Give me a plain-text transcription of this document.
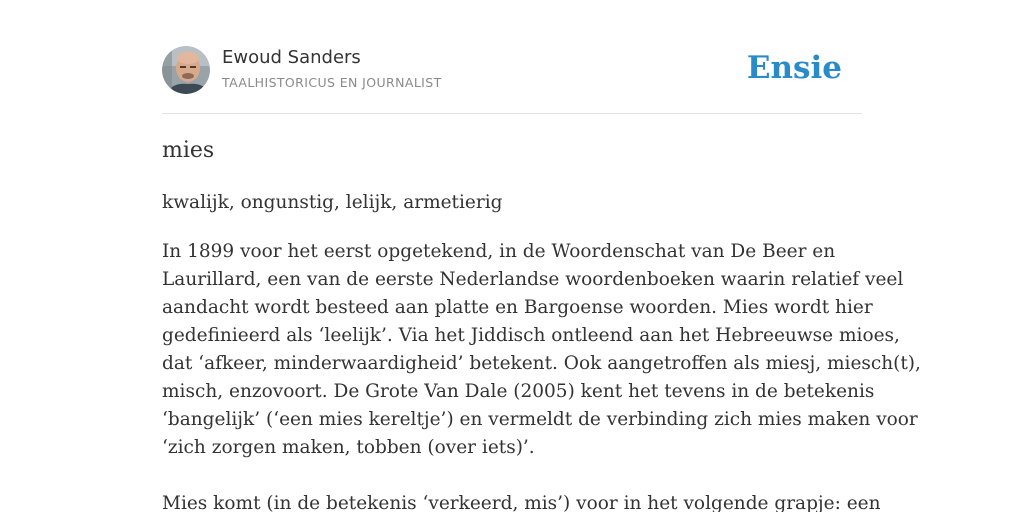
Ewoud Sanders
TAALHISTORICUS EN JOURNALIST	Ensie
mies
kwalijk, ongunstig, lelijk, armetierig

In 1899 voor het eerst opgetekend, in de Woordenschat van De Beer en
Laurillard, een van de eerste Nederlandse woordenboeken waarin relatief veel
aandacht wordt besteed aan platte en Bargoense woorden. Mies wordt hier
gedefinieerd als ‘leelijk’. Via het Jiddisch ontleend aan het Hebreeuwse mioes,
dat ‘afkeer, minderwaardigheid’ betekent. Ook aangetroffen als miesj, miesch(t),
misch, enzovoort. De Grote Van Dale (2005) kent het tevens in de betekenis
‘bangelijk’ (‘een mies kereltje’) en vermeldt de verbinding zich mies maken voor
‘zich zorgen maken, tobben (over iets)’.

Mies komt (in de betekenis ‘verkeerd, mis’) voor in het volgende grapje: een
